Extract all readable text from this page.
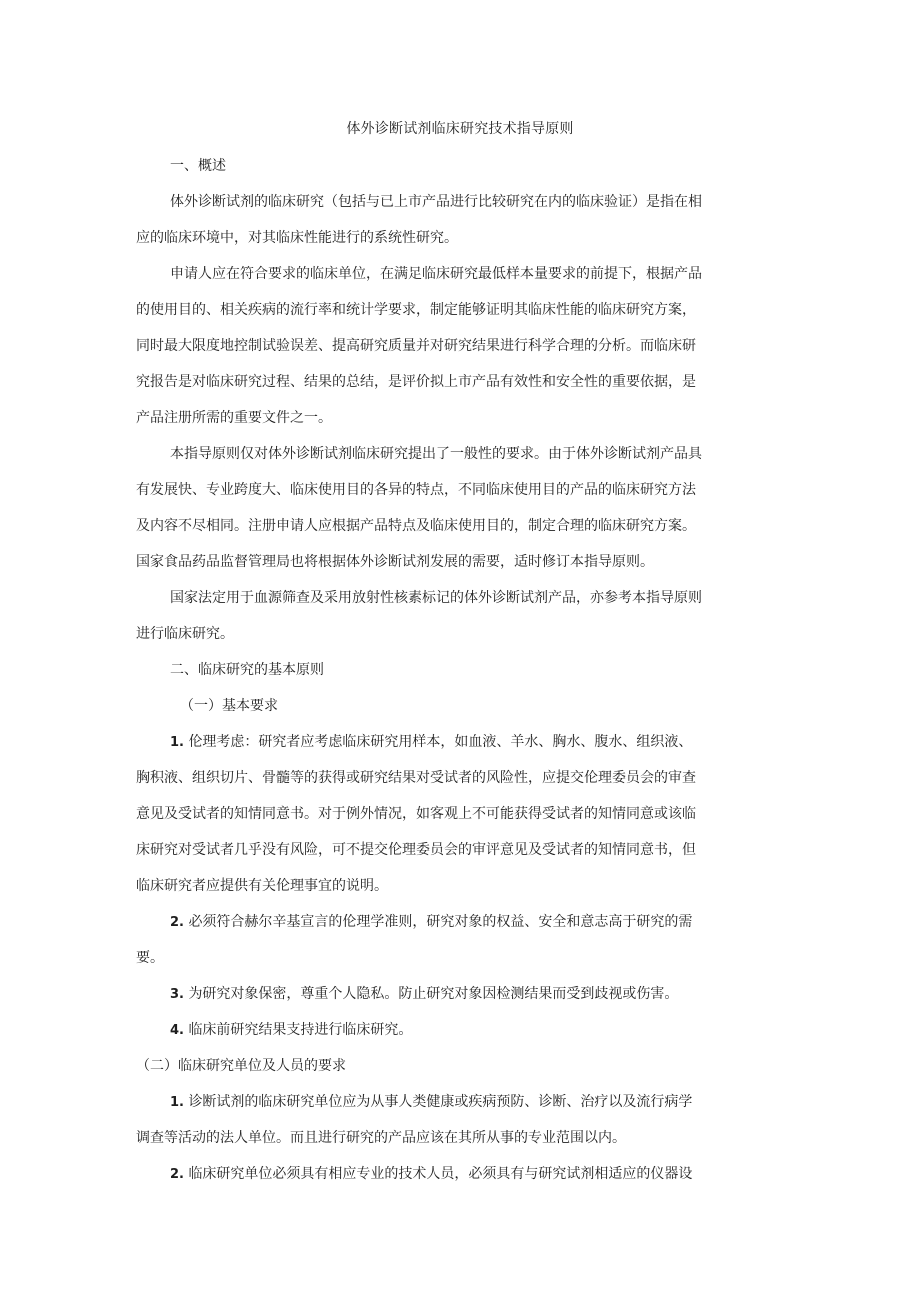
体外诊断试剂临床研究技术指导原则
一、概述
体外诊断试剂的临床研究（包括与已上市产品进行比较研究在内的临床验证）是指在相
应的临床环境中，对其临床性能进行的系统性研究。
申请人应在符合要求的临床单位，在满足临床研究最低样本量要求的前提下，根据产品
的使用目的、相关疾病的流行率和统计学要求，制定能够证明其临床性能的临床研究方案，
同时最大限度地控制试验误差、提高研究质量并对研究结果进行科学合理的分析。而临床研
究报告是对临床研究过程、结果的总结，是评价拟上市产品有效性和安全性的重要依据，是
产品注册所需的重要文件之一。
本指导原则仅对体外诊断试剂临床研究提出了一般性的要求。由于体外诊断试剂产品具
有发展快、专业跨度大、临床使用目的各异的特点，不同临床使用目的产品的临床研究方法
及内容不尽相同。注册申请人应根据产品特点及临床使用目的，制定合理的临床研究方案。
国家食品药品监督管理局也将根据体外诊断试剂发展的需要，适时修订本指导原则。
国家法定用于血源筛查及采用放射性核素标记的体外诊断试剂产品，亦参考本指导原则
进行临床研究。
二、临床研究的基本原则
（一）基本要求
1. 伦理考虑：研究者应考虑临床研究用样本，如血液、羊水、胸水、腹水、组织液、
胸积液、组织切片、骨髓等的获得或研究结果对受试者的风险性，应提交伦理委员会的审查
意见及受试者的知情同意书。对于例外情况，如客观上不可能获得受试者的知情同意或该临
床研究对受试者几乎没有风险，可不提交伦理委员会的审评意见及受试者的知情同意书，但
临床研究者应提供有关伦理事宜的说明。
2. 必须符合赫尔辛基宣言的伦理学准则，研究对象的权益、安全和意志高于研究的需
要。
3. 为研究对象保密，尊重个人隐私。防止研究对象因检测结果而受到歧视或伤害。
4. 临床前研究结果支持进行临床研究。
（二）临床研究单位及人员的要求
1. 诊断试剂的临床研究单位应为从事人类健康或疾病预防、诊断、治疗以及流行病学
调查等活动的法人单位。而且进行研究的产品应该在其所从事的专业范围以内。
2. 临床研究单位必须具有相应专业的技术人员，必须具有与研究试剂相适应的仪器设
